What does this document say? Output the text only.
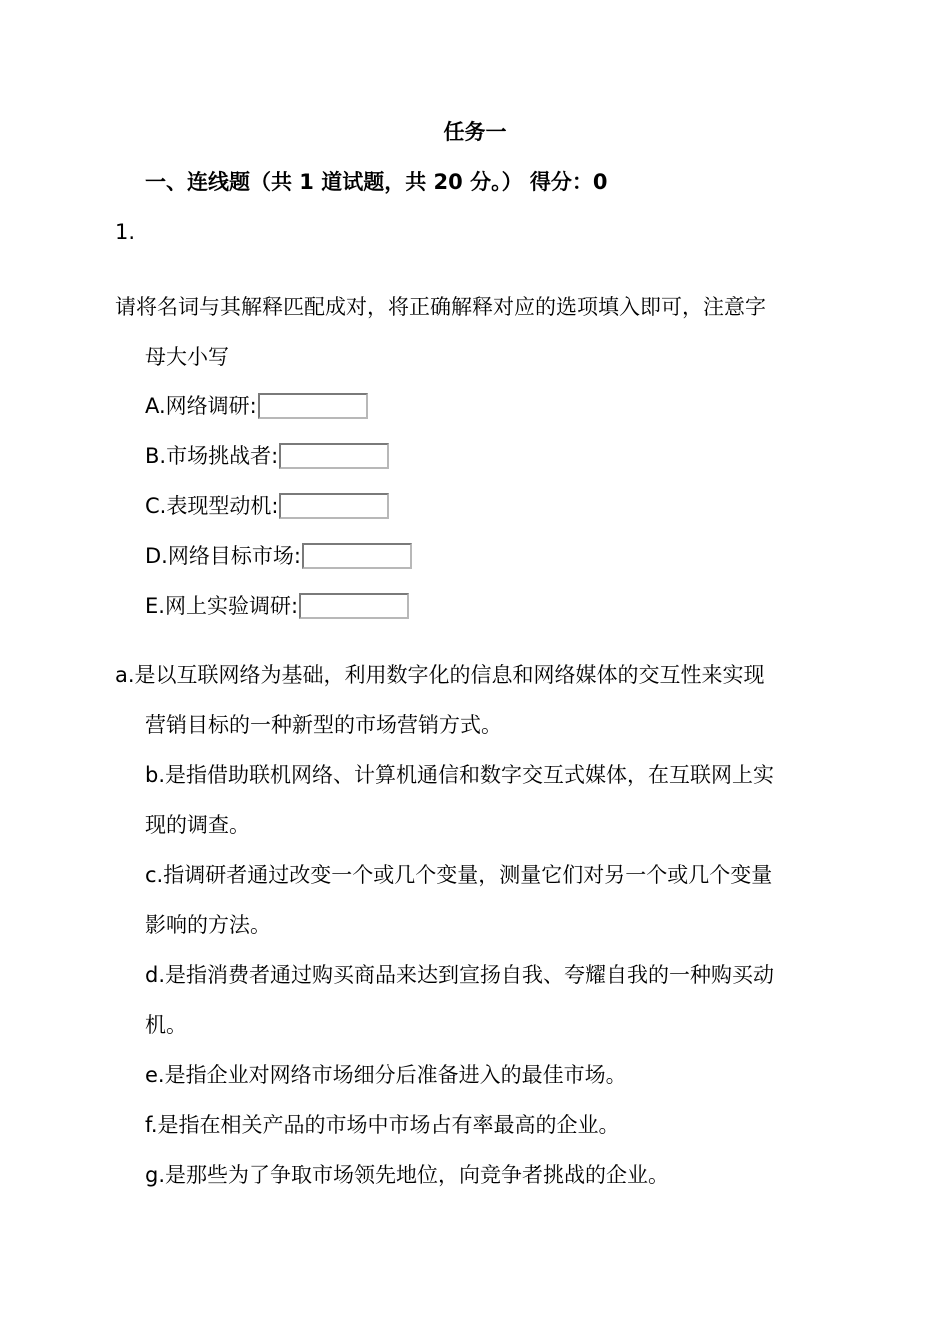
任务一
一、连线题（共 1 道试题，共 20 分。） 得分：0
1.
请将名词与其解释匹配成对，将正确解释对应的选项填入即可，注意字
母大小写
A.网络调研:
B.市场挑战者:
C.表现型动机:
D.网络目标市场:
E.网上实验调研:
a.是以互联网络为基础，利用数字化的信息和网络媒体的交互性来实现
营销目标的一种新型的市场营销方式。
b.是指借助联机网络、计算机通信和数字交互式媒体，在互联网上实
现的调查。
c.指调研者通过改变一个或几个变量，测量它们对另一个或几个变量
影响的方法。
d.是指消费者通过购买商品来达到宣扬自我、夸耀自我的一种购买动
机。
e.是指企业对网络市场细分后准备进入的最佳市场。
f.是指在相关产品的市场中市场占有率最高的企业。
g.是那些为了争取市场领先地位，向竞争者挑战的企业。
